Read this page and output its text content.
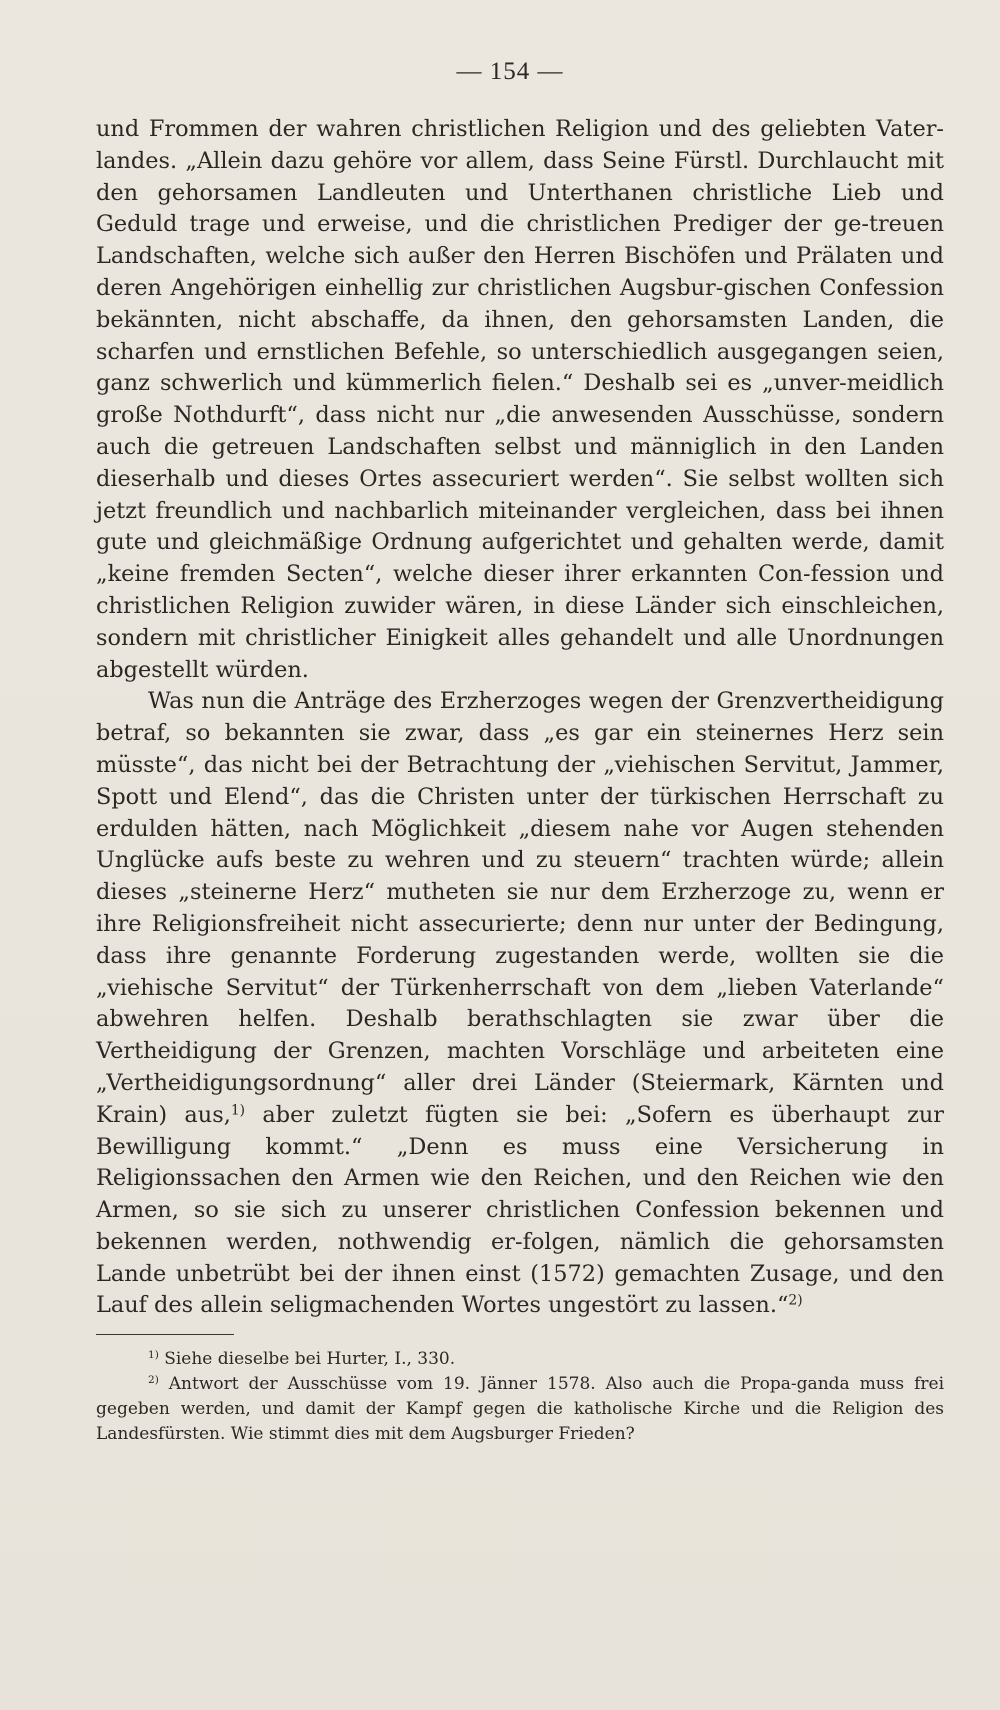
— 154 —

und Frommen der wahren christlichen Religion und des geliebten Vater-landes. „Allein dazu gehöre vor allem, dass Seine Fürstl. Durchlaucht mit den gehorsamen Landleuten und Unterthanen christliche Lieb und Geduld trage und erweise, und die christlichen Prediger der ge-treuen Landschaften, welche sich außer den Herren Bischöfen und Prälaten und deren Angehörigen einhellig zur christlichen Augsbur-gischen Confession bekännten, nicht abschaffe, da ihnen, den gehorsamsten Landen, die scharfen und ernstlichen Befehle, so unterschiedlich ausgegangen seien, ganz schwerlich und kümmerlich fielen.“ Deshalb sei es „unver-meidlich große Nothdurft“, dass nicht nur „die anwesenden Ausschüsse, sondern auch die getreuen Landschaften selbst und männiglich in den Landen dieserhalb und dieses Ortes assecuriert werden“. Sie selbst wollten sich jetzt freundlich und nachbarlich miteinander vergleichen, dass bei ihnen gute und gleichmäßige Ordnung aufgerichtet und gehalten werde, damit „keine fremden Secten“, welche dieser ihrer erkannten Con-fession und christlichen Religion zuwider wären, in diese Länder sich einschleichen, sondern mit christlicher Einigkeit alles gehandelt und alle Unordnungen abgestellt würden.

Was nun die Anträge des Erzherzoges wegen der Grenzvertheidigung betraf, so bekannten sie zwar, dass „es gar ein steinernes Herz sein müsste“, das nicht bei der Betrachtung der „viehischen Servitut, Jammer, Spott und Elend“, das die Christen unter der türkischen Herrschaft zu erdulden hätten, nach Möglichkeit „diesem nahe vor Augen stehenden Unglücke aufs beste zu wehren und zu steuern“ trachten würde; allein dieses „steinerne Herz“ mutheten sie nur dem Erzherzoge zu, wenn er ihre Religionsfreiheit nicht assecurierte; denn nur unter der Bedingung, dass ihre genannte Forderung zugestanden werde, wollten sie die „viehische Servitut“ der Türkenherrschaft von dem „lieben Vaterlande“ abwehren helfen. Deshalb berathschlagten sie zwar über die Vertheidigung der Grenzen, machten Vorschläge und arbeiteten eine „Vertheidigungsordnung“ aller drei Länder (Steiermark, Kärnten und Krain) aus,$^{1)}$ aber zuletzt fügten sie bei: „Sofern es überhaupt zur Bewilligung kommt.“ „Denn es muss eine Versicherung in Religionssachen den Armen wie den Reichen, und den Reichen wie den Armen, so sie sich zu unserer christlichen Confession bekennen und bekennen werden, nothwendig er-folgen, nämlich die gehorsamsten Lande unbetrübt bei der ihnen einst (1572) gemachten Zusage, und den Lauf des allein seligmachenden Wortes ungestört zu lassen.“$^{2)}$

$^{1)}$ Siehe dieselbe bei Hurter, I., 330.

$^{2)}$ Antwort der Ausschüsse vom 19. Jänner 1578. Also auch die Propa-ganda muss frei gegeben werden, und damit der Kampf gegen die katholische Kirche und die Religion des Landesfürsten. Wie stimmt dies mit dem Augsburger Frieden?
